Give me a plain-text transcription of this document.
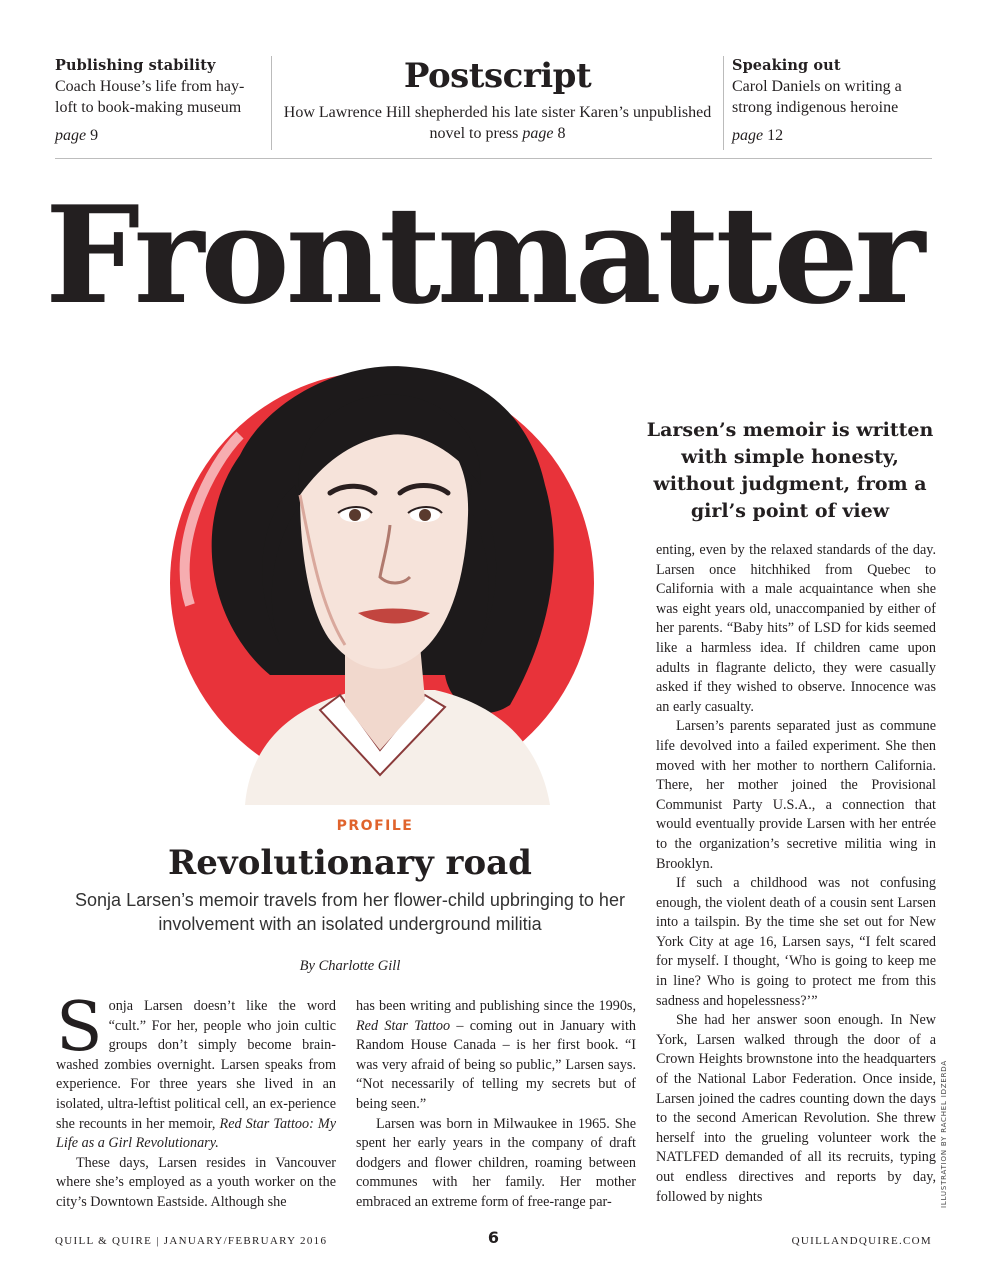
Publishing stability

Coach House’s life from hay-loft to book-making museum

page 9

Postscript

How Lawrence Hill shepherded his late sister Karen’s unpublished novel to press page 8

Speaking out

Carol Daniels on writing a strong indigenous heroine

page 12
Frontmatter
Larsen’s memoir is written with simple honesty, without judgment, from a girl’s point of view
PROFILE
Revolutionary road
Sonja Larsen’s memoir travels from her flower-child upbringing to her involvement with an isolated underground militia
By Charlotte Gill

Sonja Larsen doesn’t like the word “cult.” For her, people who join cultic groups don’t simply become brain-washed zombies overnight. Larsen speaks from experience. For three years she lived in an isolated, ultra-leftist political cell, an ex-perience she recounts in her memoir, Red Star Tattoo: My Life as a Girl Revolutionary.

These days, Larsen resides in Vancouver where she’s employed as a youth worker on the city’s Downtown Eastside. Although she

has been writing and publishing since the 1990s, Red Star Tattoo – coming out in January with Random House Canada – is her first book. “I was very afraid of being so public,” Larsen says. “Not necessarily of telling my secrets but of being seen.”

Larsen was born in Milwaukee in 1965. She spent her early years in the company of draft dodgers and flower children, roaming between communes with her family. Her mother embraced an extreme form of free-range par-

enting, even by the relaxed standards of the day. Larsen once hitchhiked from Quebec to California with a male acquaintance when she was eight years old, unaccompanied by either of her parents. “Baby hits” of LSD for kids seemed like a harmless idea. If children came upon adults in flagrante delicto, they were casually asked if they wished to observe. Innocence was an early casualty.

Larsen’s parents separated just as commune life devolved into a failed experiment. She then moved with her mother to northern California. There, her mother joined the Provisional Communist Party U.S.A., a connection that would eventually provide Larsen with her entrée to the organization’s secretive militia wing in Brooklyn.

If such a childhood was not confusing enough, the violent death of a cousin sent Larsen into a tailspin. By the time she set out for New York City at age 16, Larsen says, “I felt scared for myself. I thought, ‘Who is going to keep me in line? Who is going to protect me from this sadness and hopelessness?’”

She had her answer soon enough. In New York, Larsen walked through the door of a Crown Heights brownstone into the headquarters of the National Labor Federation. Once inside, Larsen joined the cadres counting down the days to the second American Revolution. She threw herself into the grueling volunteer work the NATLFED demanded of all its recruits, typing out endless directives and reports by day, followed by nights	ILLUSTRATION BY RACHEL IDZERDA
QUILL & QUIRE | JANUARY/FEBRUARY 2016	6	QUILLANDQUIRE.COM
